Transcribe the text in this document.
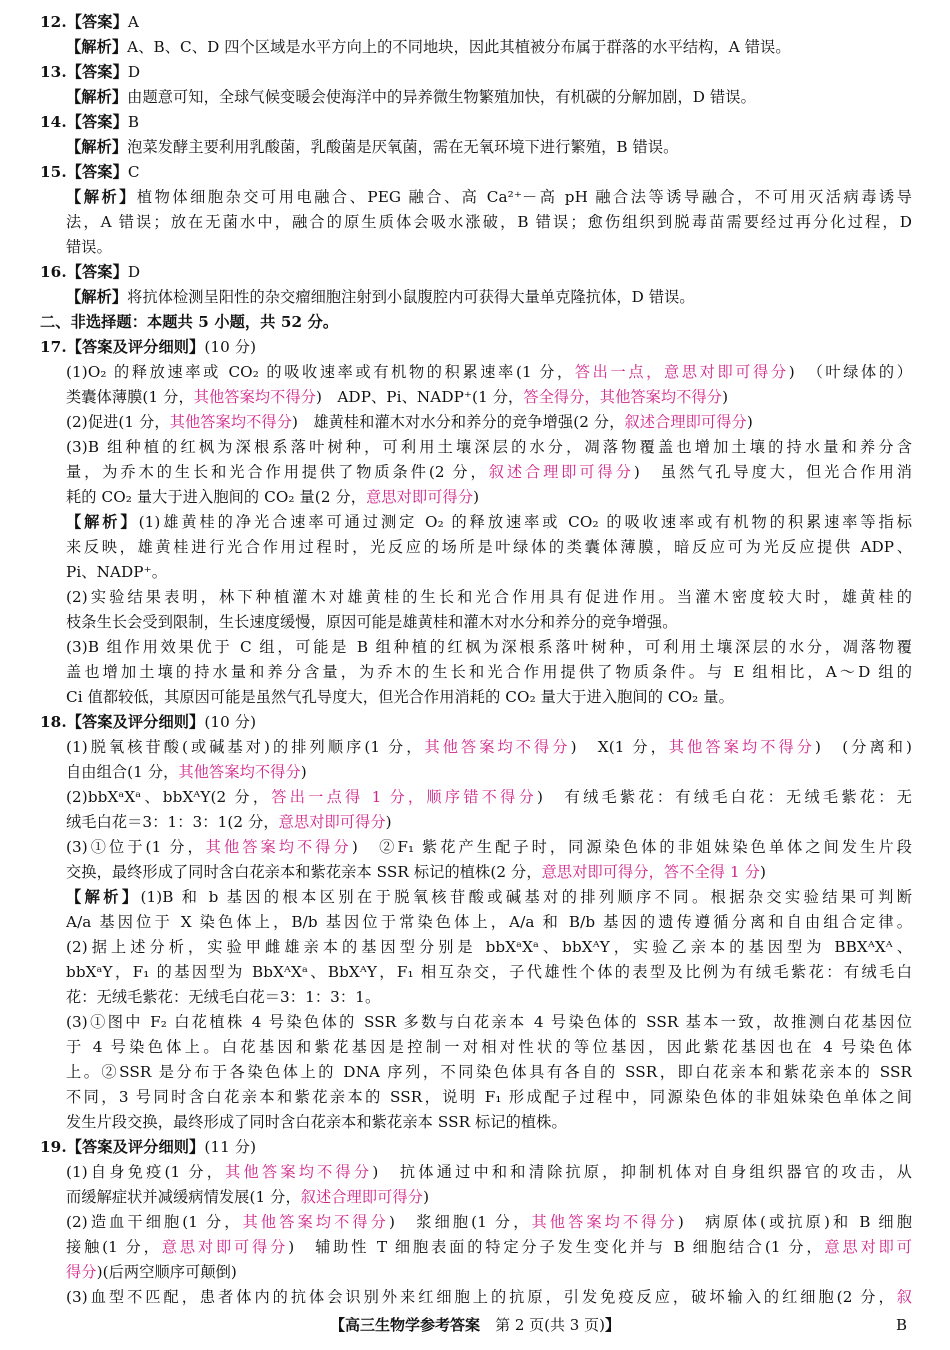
12.【答案】A
【解析】A、B、C、D 四个区域是水平方向上的不同地块，因此其植被分布属于群落的水平结构，A 错误。
13.【答案】D
【解析】由题意可知，全球气候变暖会使海洋中的异养微生物繁殖加快，有机碳的分解加剧，D 错误。
14.【答案】B
【解析】泡菜发酵主要利用乳酸菌，乳酸菌是厌氧菌，需在无氧环境下进行繁殖，B 错误。
15.【答案】C
【解析】植物体细胞杂交可用电融合、PEG 融合、高 Ca²⁺－高 pH 融合法等诱导融合，不可用灭活病毒诱导
法，A 错误；放在无菌水中，融合的原生质体会吸水涨破，B 错误；愈伤组织到脱毒苗需要经过再分化过程，D
错误。
16.【答案】D
【解析】将抗体检测呈阳性的杂交瘤细胞注射到小鼠腹腔内可获得大量单克隆抗体，D 错误。
二、非选择题：本题共 5 小题，共 52 分。
17.【答案及评分细则】(10 分)
(1)O₂ 的释放速率或 CO₂ 的吸收速率或有机物的积累速率(1 分，答出一点，意思对即可得分)　（叶绿体的）
类囊体薄膜(1 分，其他答案均不得分)　ADP、Pi、NADP⁺(1 分，答全得分，其他答案均不得分)
(2)促进(1 分，其他答案均不得分)　雄黄桂和灌木对水分和养分的竞争增强(2 分，叙述合理即可得分)
(3)B 组种植的红枫为深根系落叶树种，可利用土壤深层的水分，凋落物覆盖也增加土壤的持水量和养分含
量，为乔木的生长和光合作用提供了物质条件(2 分，叙述合理即可得分)　虽然气孔导度大，但光合作用消
耗的 CO₂ 量大于进入胞间的 CO₂ 量(2 分，意思对即可得分)
【解析】(1)雄黄桂的净光合速率可通过测定 O₂ 的释放速率或 CO₂ 的吸收速率或有机物的积累速率等指标
来反映，雄黄桂进行光合作用过程时，光反应的场所是叶绿体的类囊体薄膜，暗反应可为光反应提供 ADP、
Pi、NADP⁺。
(2)实验结果表明，林下种植灌木对雄黄桂的生长和光合作用具有促进作用。当灌木密度较大时，雄黄桂的
枝条生长会受到限制，生长速度缓慢，原因可能是雄黄桂和灌木对水分和养分的竞争增强。
(3)B 组作用效果优于 C 组，可能是 B 组种植的红枫为深根系落叶树种，可利用土壤深层的水分，凋落物覆
盖也增加土壤的持水量和养分含量，为乔木的生长和光合作用提供了物质条件。与 E 组相比，A～D 组的
Ci 值都较低，其原因可能是虽然气孔导度大，但光合作用消耗的 CO₂ 量大于进入胞间的 CO₂ 量。
18.【答案及评分细则】(10 分)
(1)脱氧核苷酸(或碱基对)的排列顺序(1 分，其他答案均不得分)　X(1 分，其他答案均不得分)　(分离和)
自由组合(1 分，其他答案均不得分)
(2)bbXᵃXᵃ、bbXᴬY(2 分，答出一点得 1 分，顺序错不得分)　有绒毛紫花：有绒毛白花：无绒毛紫花：无
绒毛白花＝3：1：3：1(2 分，意思对即可得分)
(3)①位于(1 分，其他答案均不得分)　②F₁ 紫花产生配子时，同源染色体的非姐妹染色单体之间发生片段
交换，最终形成了同时含白花亲本和紫花亲本 SSR 标记的植株(2 分，意思对即可得分，答不全得 1 分)
【解析】(1)B 和 b 基因的根本区别在于脱氧核苷酸或碱基对的排列顺序不同。根据杂交实验结果可判断
A/a 基因位于 X 染色体上，B/b 基因位于常染色体上，A/a 和 B/b 基因的遗传遵循分离和自由组合定律。
(2)据上述分析，实验甲雌雄亲本的基因型分别是 bbXᵃXᵃ、bbXᴬY，实验乙亲本的基因型为 BBXᴬXᴬ、
bbXᵃY，F₁ 的基因型为 BbXᴬXᵃ、BbXᴬY，F₁ 相互杂交，子代雄性个体的表型及比例为有绒毛紫花：有绒毛白
花：无绒毛紫花：无绒毛白花＝3：1：3：1。
(3)①图中 F₂ 白花植株 4 号染色体的 SSR 多数与白花亲本 4 号染色体的 SSR 基本一致，故推测白花基因位
于 4 号染色体上。白花基因和紫花基因是控制一对相对性状的等位基因，因此紫花基因也在 4 号染色体
上。②SSR 是分布于各染色体上的 DNA 序列，不同染色体具有各自的 SSR，即白花亲本和紫花亲本的 SSR
不同，3 号同时含白花亲本和紫花亲本的 SSR，说明 F₁ 形成配子过程中，同源染色体的非姐妹染色单体之间
发生片段交换，最终形成了同时含白花亲本和紫花亲本 SSR 标记的植株。
19.【答案及评分细则】(11 分)
(1)自身免疫(1 分，其他答案均不得分)　抗体通过中和和清除抗原，抑制机体对自身组织器官的攻击，从
而缓解症状并减缓病情发展(1 分，叙述合理即可得分)
(2)造血干细胞(1 分，其他答案均不得分)　浆细胞(1 分，其他答案均不得分)　病原体(或抗原)和 B 细胞
接触(1 分，意思对即可得分)　辅助性 T 细胞表面的特定分子发生变化并与 B 细胞结合(1 分，意思对即可
得分)(后两空顺序可颠倒)
(3)血型不匹配，患者体内的抗体会识别外来红细胞上的抗原，引发免疫反应，破坏输入的红细胞(2 分，叙
【高三生物学参考答案  第 2 页(共 3 页)】	B
